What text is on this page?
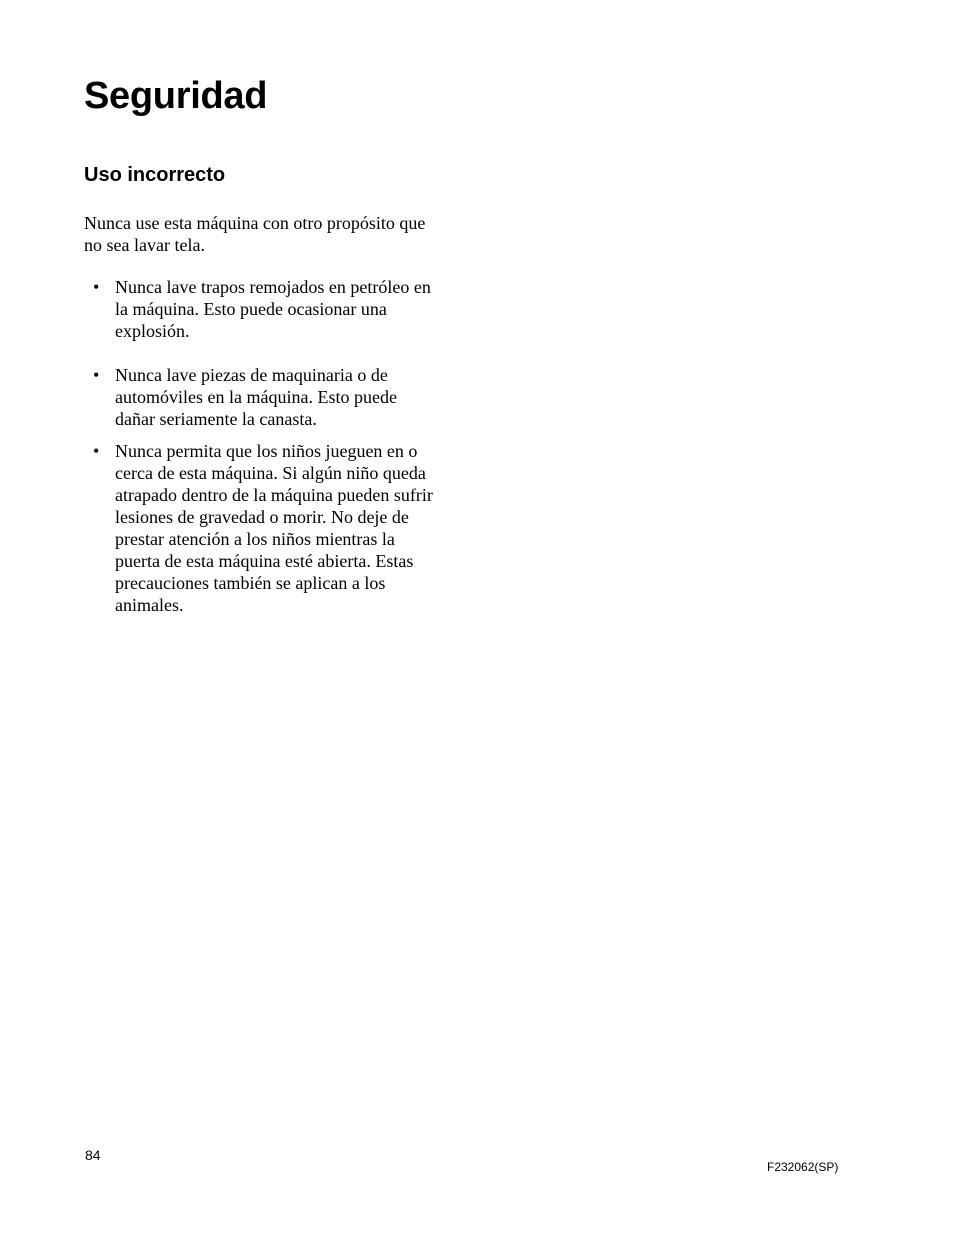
Seguridad
Uso incorrecto

Nunca use esta máquina con otro propósito que no sea lavar tela.

• Nunca lave trapos remojados en petróleo en la máquina. Esto puede ocasionar una explosión.
• Nunca lave piezas de maquinaria o de automóviles en la máquina. Esto puede dañar seriamente la canasta.
• Nunca permita que los niños jueguen en o cerca de esta máquina. Si algún niño queda atrapado dentro de la máquina pueden sufrir lesiones de gravedad o morir. No deje de prestar atención a los niños mientras la puerta de esta máquina esté abierta. Estas precauciones también se aplican a los animales.
84
F232062(SP)
